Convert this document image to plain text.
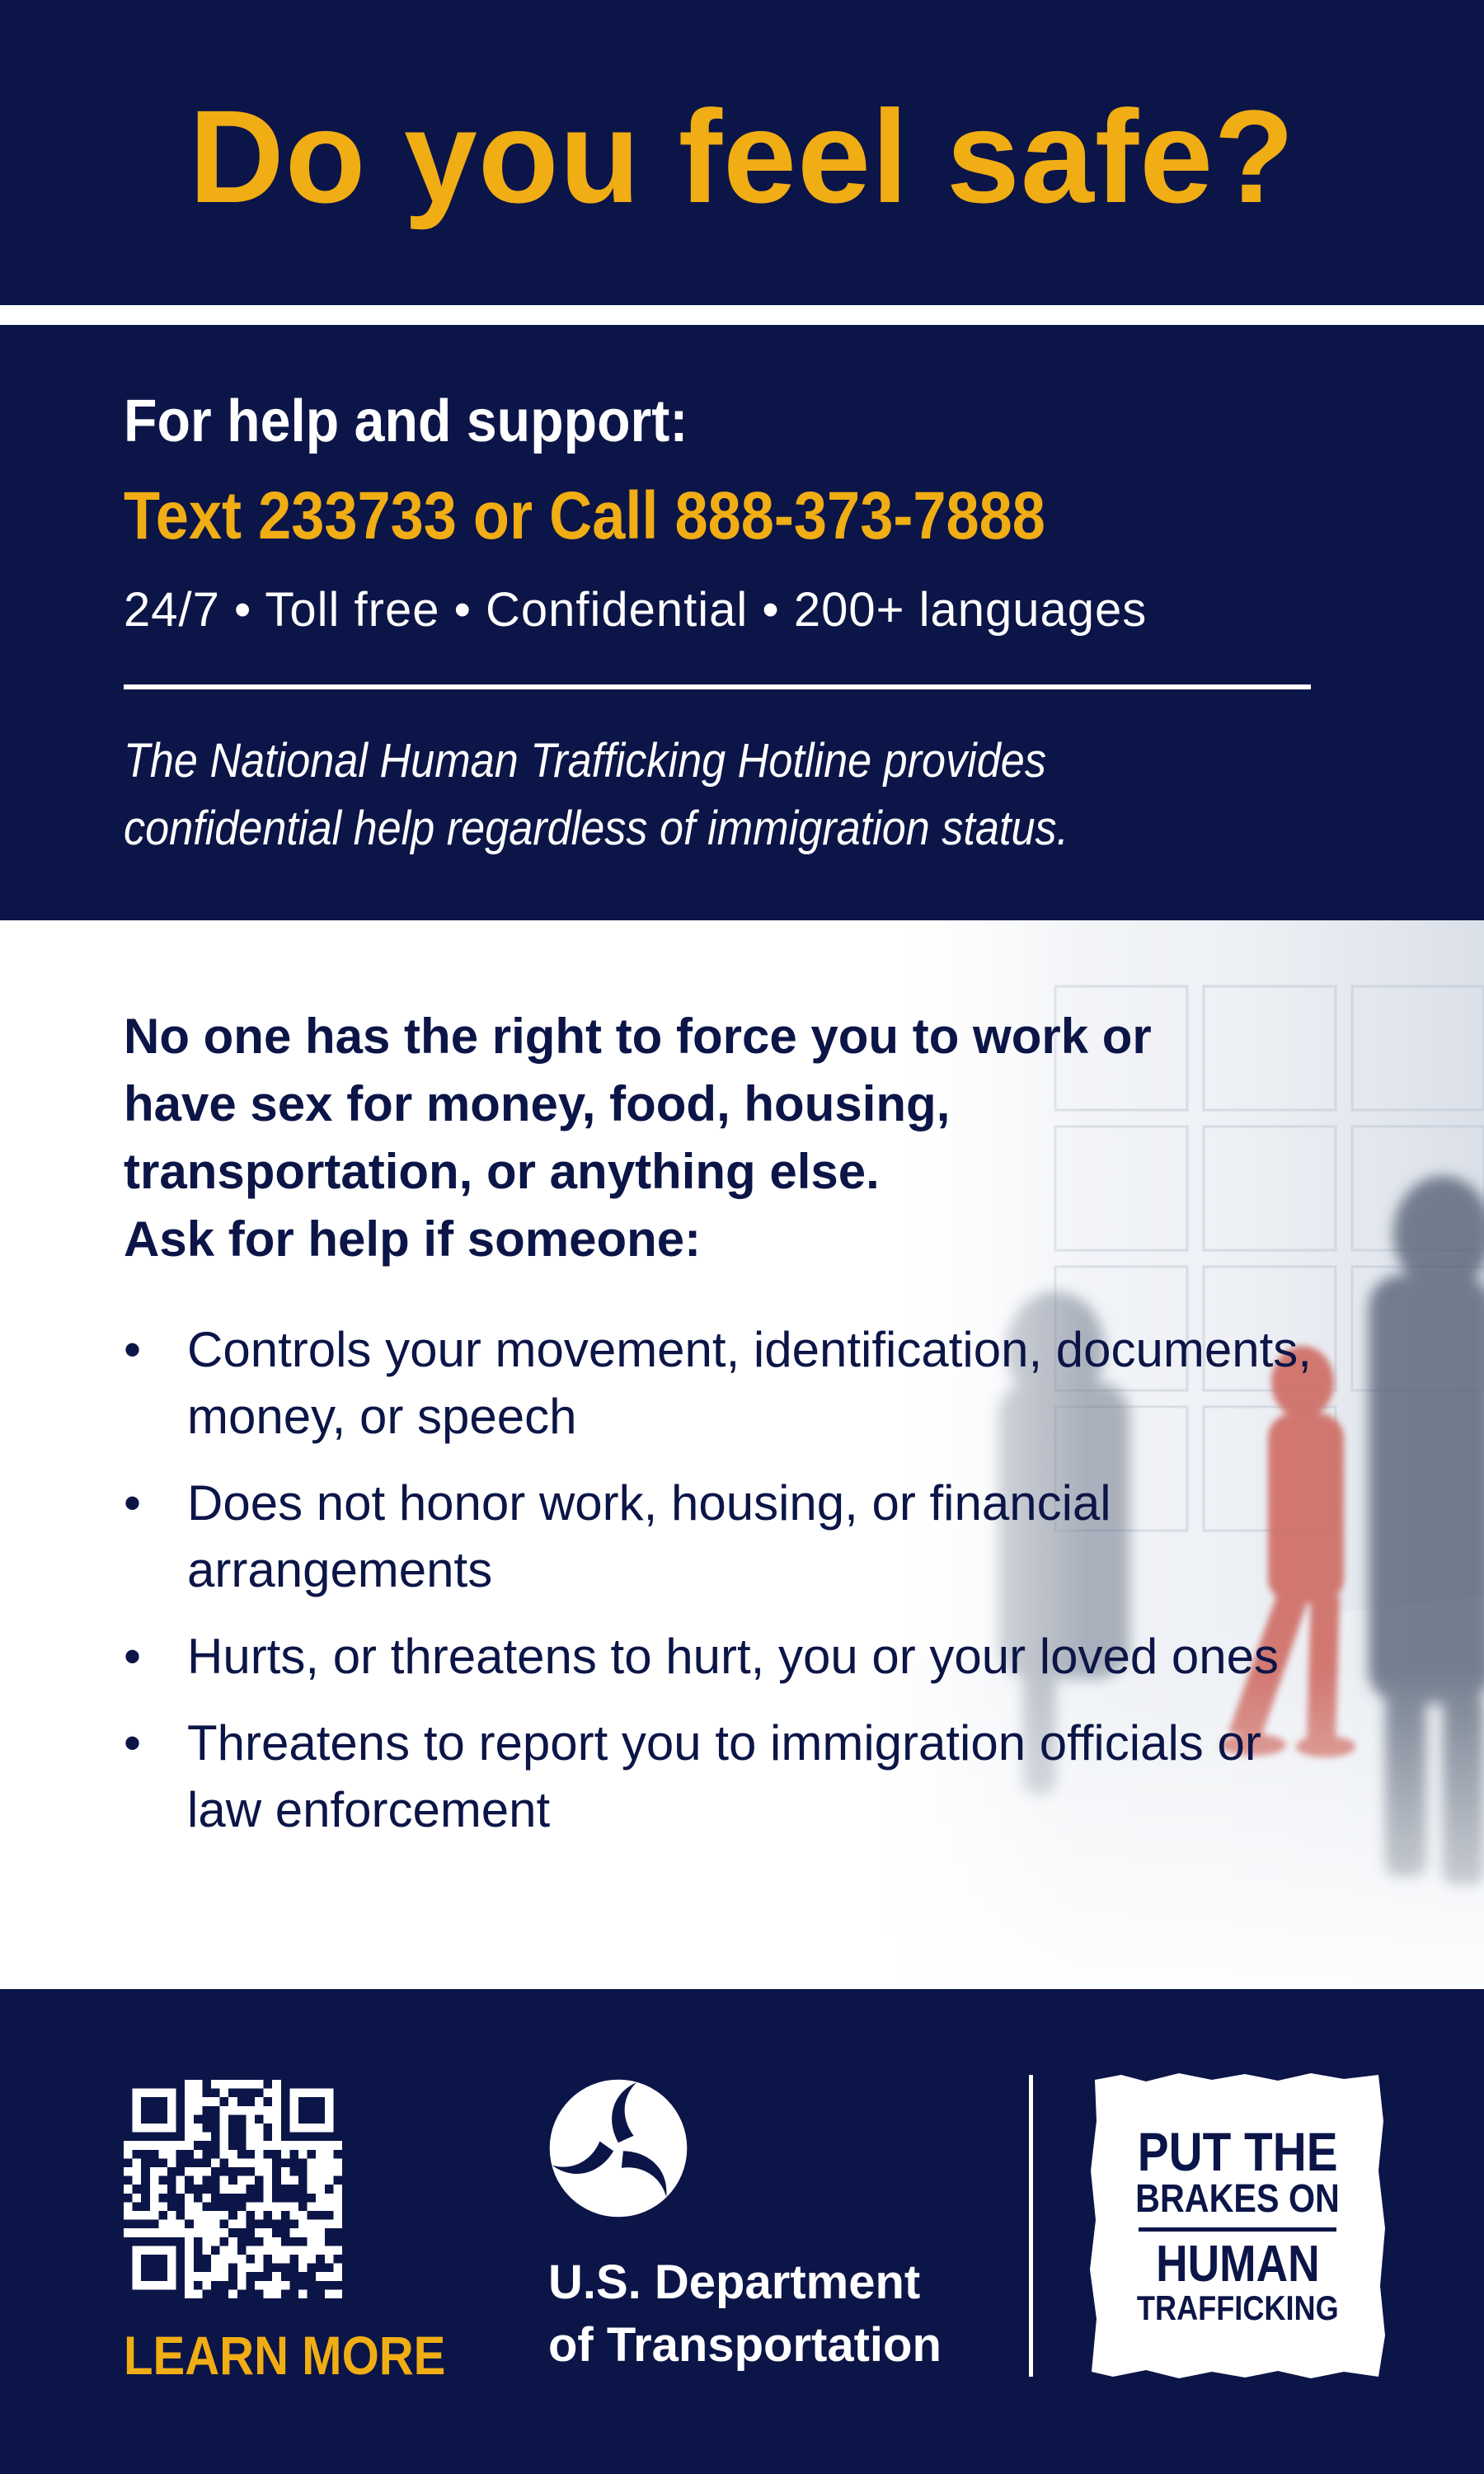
Do you feel safe?

For help and support:

Text 233733 or Call 888-373-7888

24/7 • Toll free • Confidential • 200+ languages

The National Human Trafficking Hotline provides confidential help regardless of immigration status.

No one has the right to force you to work or have sex for money, food, housing, transportation, or anything else.

Ask for help if someone:

• Controls your movement, identification, documents, money, or speech
• Does not honor work, housing, or financial arrangements
• Hurts, or threatens to hurt, you or your loved ones
• Threatens to report you to immigration officials or law enforcement
LEARN MORE

U.S. Department
of Transportation

PUT THE
BRAKES ON
HUMAN
TRAFFICKING
